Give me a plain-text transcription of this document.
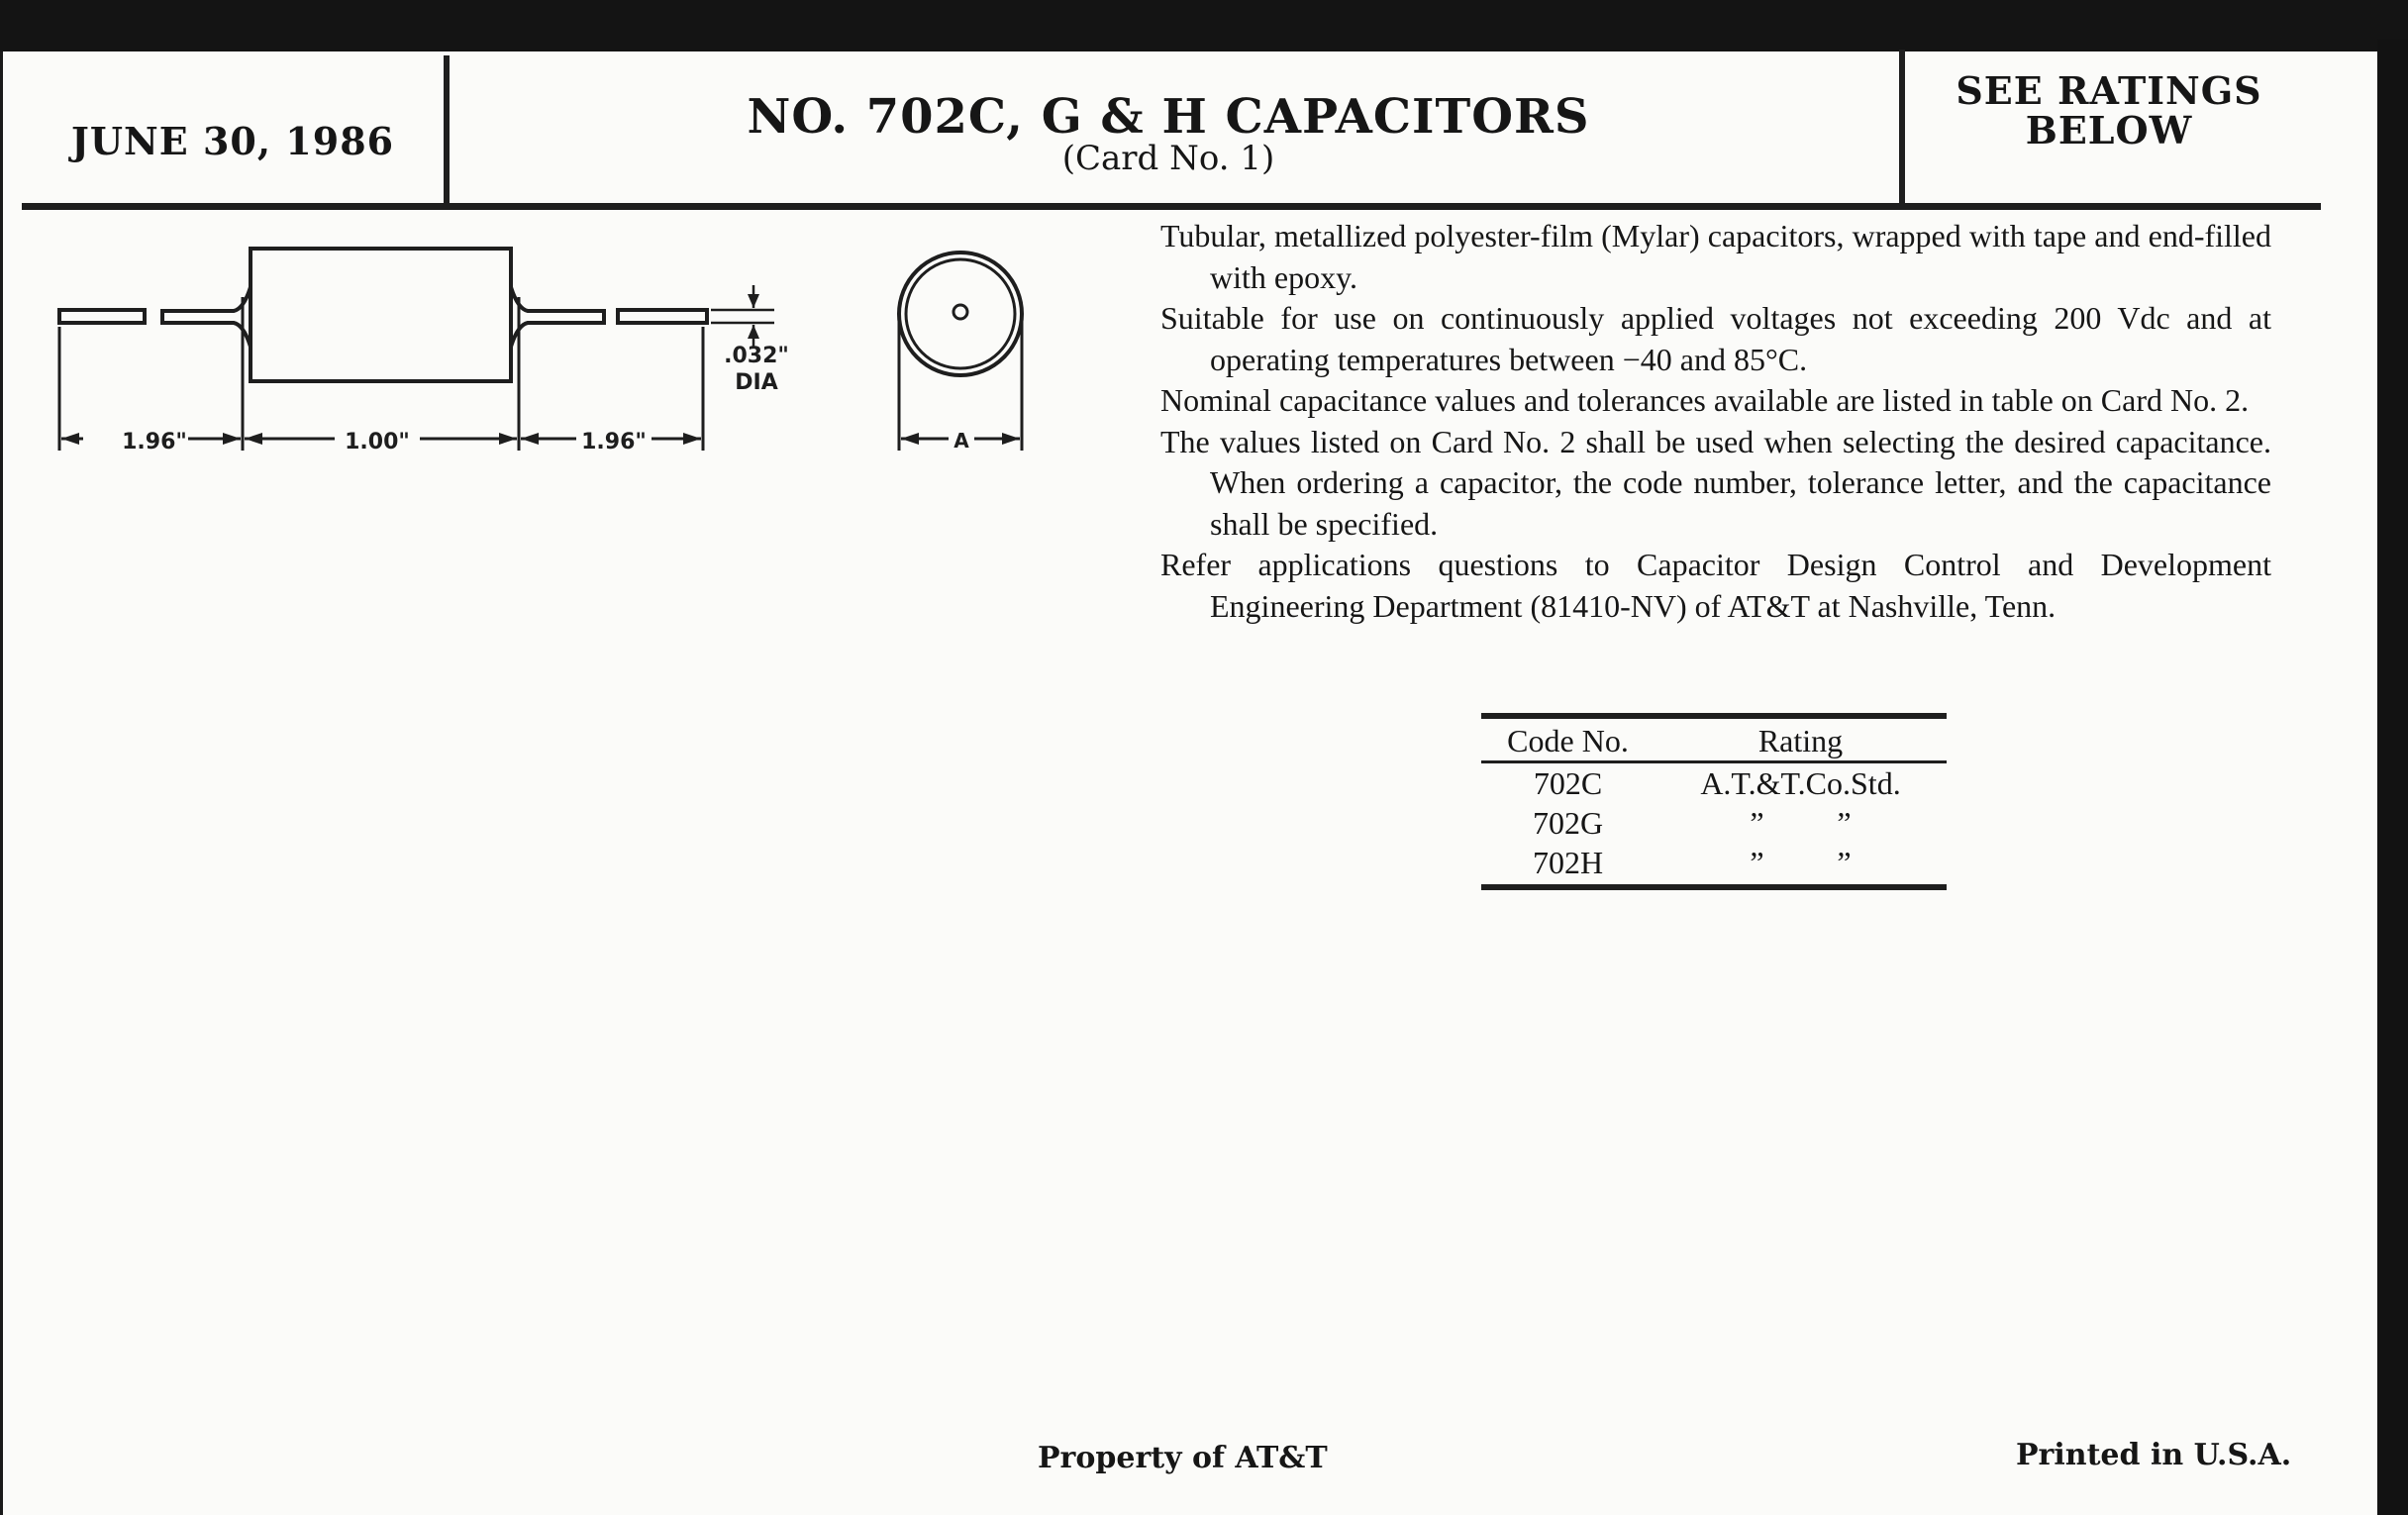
JUNE 30, 1986	NO. 702C, G & H CAPACITORS
(Card No. 1)
SEE RATINGS
BELOW
1.96"	1.00"	1.96"
.032"
DIA
A

Tubular, metallized polyester-film (Mylar) capacitors, wrapped with tape and end-filled with epoxy.

Suitable for use on continuously applied voltages not exceeding 200 Vdc and at operating temperatures between −40 and 85°C.

Nominal capacitance values and tolerances available are listed in table on Card No. 2.

The values listed on Card No. 2 shall be used when selecting the desired capacitance. When ordering a capacitor, the code number, tolerance letter, and the capacitance shall be specified.

Refer applications questions to Capacitor Design Control and Development Engineering Department (81410-NV) of AT&T at Nashville, Tenn.

Code No.	Rating
702C	A.T.&T.Co.Std.
702G	” ”
702H	” ”
Property of AT&T	Printed in U.S.A.
